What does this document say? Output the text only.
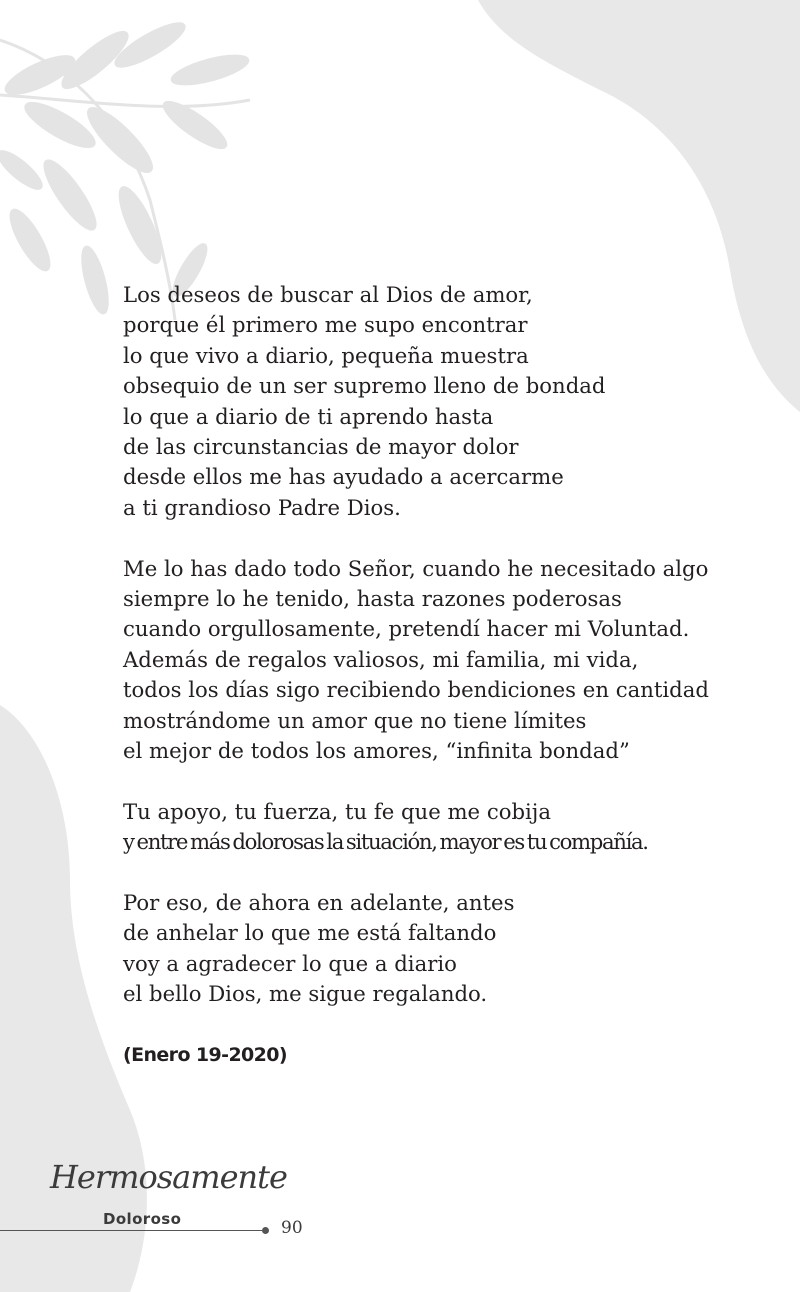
Los deseos de buscar al Dios de amor,
porque él primero me supo encontrar
lo que vivo a diario, pequeña muestra
obsequio de un ser supremo lleno de bondad
lo que a diario de ti aprendo hasta
de las circunstancias de mayor dolor
desde ellos me has ayudado a acercarme
a ti grandioso Padre Dios.
Me lo has dado todo Señor, cuando he necesitado algo
siempre lo he tenido, hasta razones poderosas
cuando orgullosamente, pretendí hacer mi Voluntad.
Además de regalos valiosos, mi familia, mi vida,
todos los días sigo recibiendo bendiciones en cantidad
mostrándome un amor que no tiene límites
el mejor de todos los amores, “infinita bondad”
Tu apoyo, tu fuerza, tu fe que me cobija
y entre más dolorosas la situación, mayor es tu compañía.
Por eso, de ahora en adelante, antes
de anhelar lo que me está faltando
voy a agradecer lo que a diario
el bello Dios, me sigue regalando.
(Enero 19-2020)
Hermosamente
Doloroso	90
